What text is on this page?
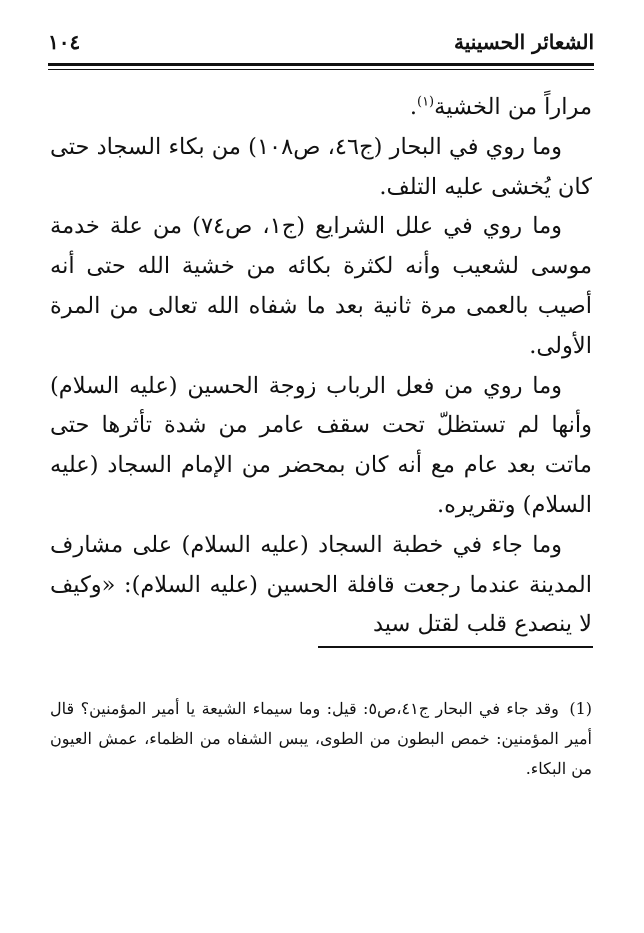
الشعائر الحسينية
١٠٤

مراراً من الخشية$^{(١)}$.

وما روي في البحار (ج٤٦، ص١٠٨) من بكاء السجاد حتى كان يُخشى عليه التلف.

وما روي في علل الشرايع (ج١، ص٧٤) من علة خدمة موسى لشعيب وأنه لكثرة بكائه من خشية الله حتى أنه أصيب بالعمى مرة ثانية بعد ما شفاه الله تعالى من المرة الأولى.

وما روي من فعل الرباب زوجة الحسين (عليه السلام) وأنها لم تستظلّ تحت سقف عامر من شدة تأثرها حتى ماتت بعد عام مع أنه كان بمحضر من الإمام السجاد (عليه السلام) وتقريره.

وما جاء في خطبة السجاد (عليه السلام) على مشارف المدينة عندما رجعت قافلة الحسين (عليه السلام): «وكيف لا ينصدع قلب لقتل سيد

(1) وقد جاء في البحار ج٤١،ص٥: قيل: وما سيماء الشيعة يا أمير المؤمنين؟ قال أمير المؤمنين: خمص البطون من الطوى، يبس الشفاه من الظماء، عمش العيون من البكاء.
